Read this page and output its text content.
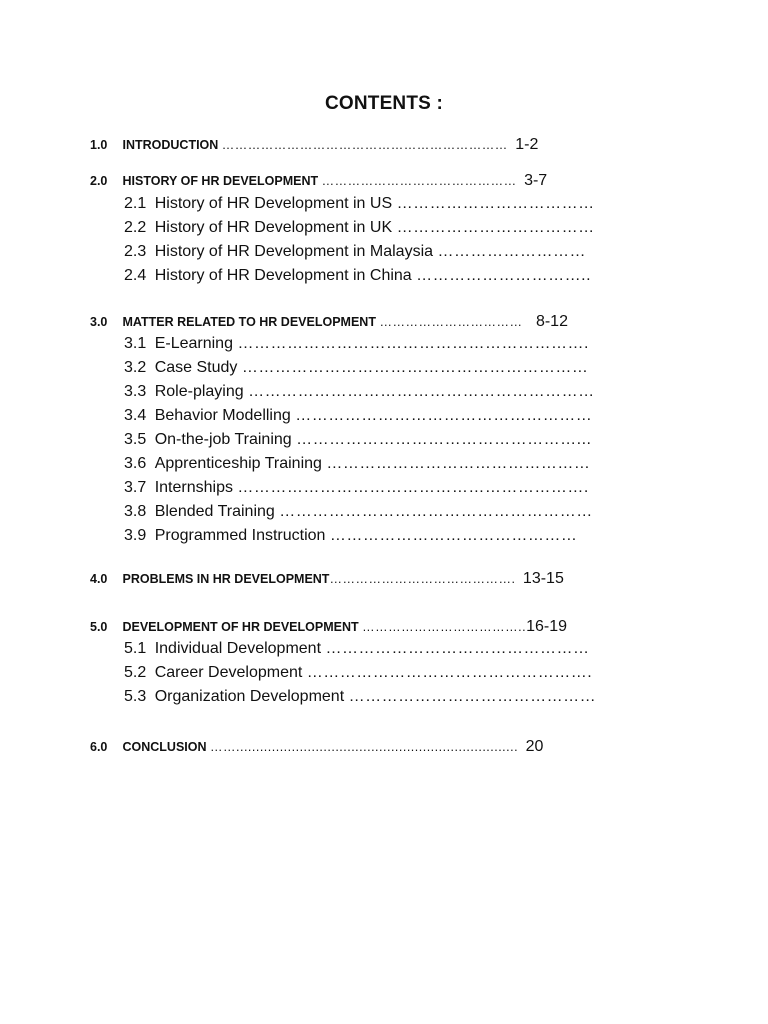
CONTENTS :
1.0 INTRODUCTION ………………………………………………………… 1-2
2.0 HISTORY OF HR DEVELOPMENT ……………………………………… 3-7
2.1 History of HR Development in US ………………………………
2.2 History of HR Development in UK ………………………………
2.3 History of HR Development in Malaysia ………………………
2.4 History of HR Development in China …………………………..
3.0 MATTER RELATED TO HR DEVELOPMENT …………………………… 8-12
3.1 E-Learning ……………………………………………………….
3.2 Case Study ………………………………………………………
3.3 Role-playing ………………………………………………………
3.4 Behavior Modelling ………………………………………………
3.5 On-the-job Training ……………………………………………...
3.6 Apprenticeship Training …………………………………………
3.7 Internships ……………………………………………………….
3.8 Blended Training …………………………………………………
3.9 Programmed Instruction ………………………………………
4.0 PROBLEMS IN HR DEVELOPMENT……………………………………. 13-15
5.0 DEVELOPMENT OF HR DEVELOPMENT ………………………………..16-19
5.1 Individual Development …………………………………………
5.2 Career Development …………………………………………….
5.3 Organization Development ………………………………………
6.0 CONCLUSION ……....................................................................... 20
